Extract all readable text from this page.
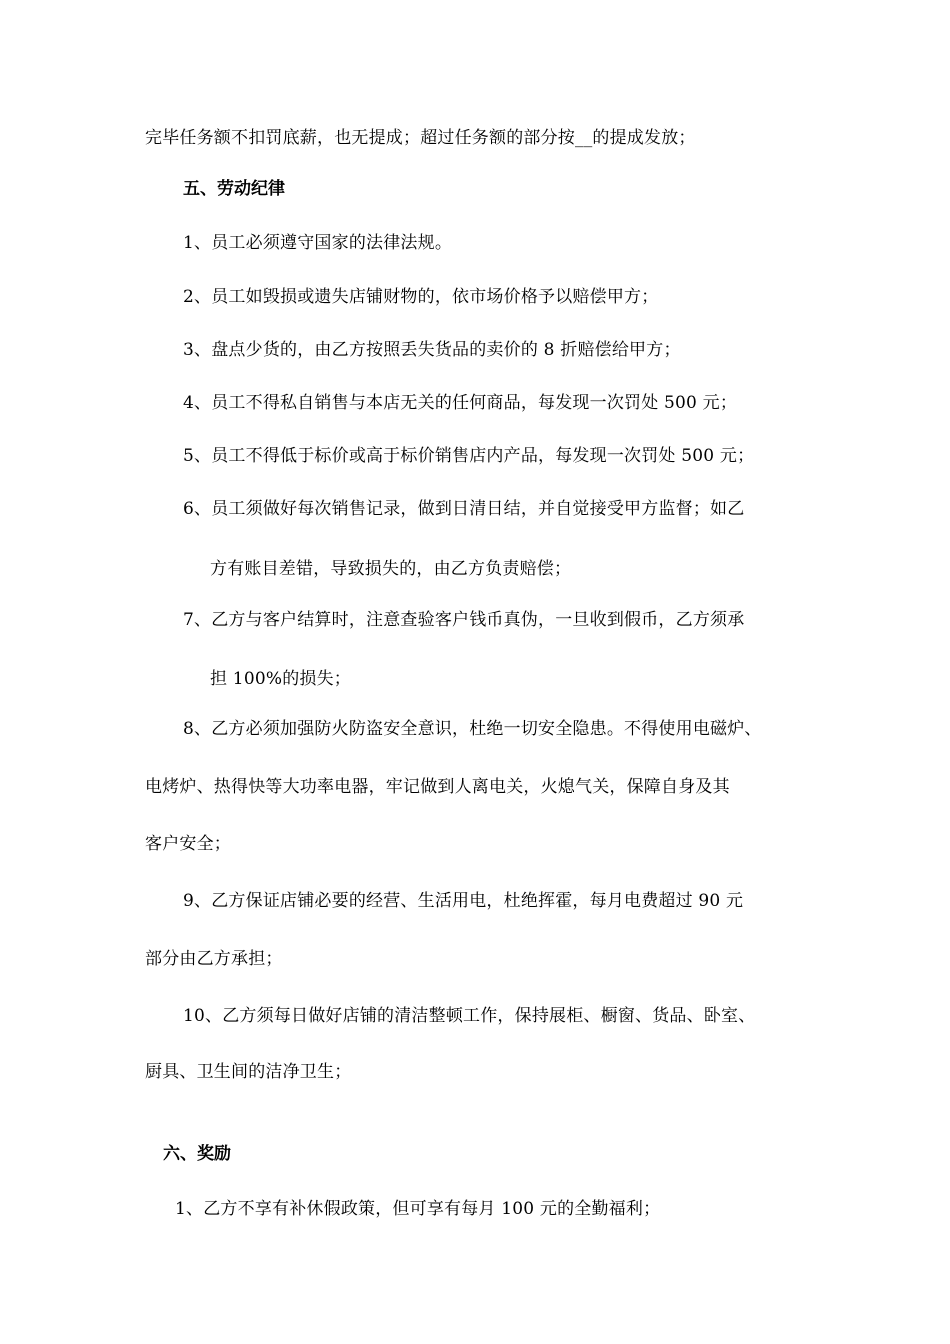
完毕任务额不扣罚底薪，也无提成；超过任务额的部分按__的提成发放；
五、劳动纪律
1、员工必须遵守国家的法律法规。
2、员工如毁损或遗失店铺财物的，依市场价格予以赔偿甲方；
3、盘点少货的，由乙方按照丢失货品的卖价的 8 折赔偿给甲方；
4、员工不得私自销售与本店无关的任何商品，每发现一次罚处 500 元；
5、员工不得低于标价或高于标价销售店内产品，每发现一次罚处 500 元；
6、员工须做好每次销售记录，做到日清日结，并自觉接受甲方监督；如乙
方有账目差错，导致损失的，由乙方负责赔偿；
7、乙方与客户结算时，注意查验客户钱币真伪，一旦收到假币，乙方须承
担 100%的损失；
8、乙方必须加强防火防盗安全意识，杜绝一切安全隐患。不得使用电磁炉、
电烤炉、热得快等大功率电器，牢记做到人离电关，火熄气关，保障自身及其
客户安全；
9、乙方保证店铺必要的经营、生活用电，杜绝挥霍，每月电费超过 90 元
部分由乙方承担；
10、乙方须每日做好店铺的清洁整顿工作，保持展柜、橱窗、货品、卧室、
厨具、卫生间的洁净卫生；
六、奖励
1、乙方不享有补休假政策，但可享有每月 100 元的全勤福利；
